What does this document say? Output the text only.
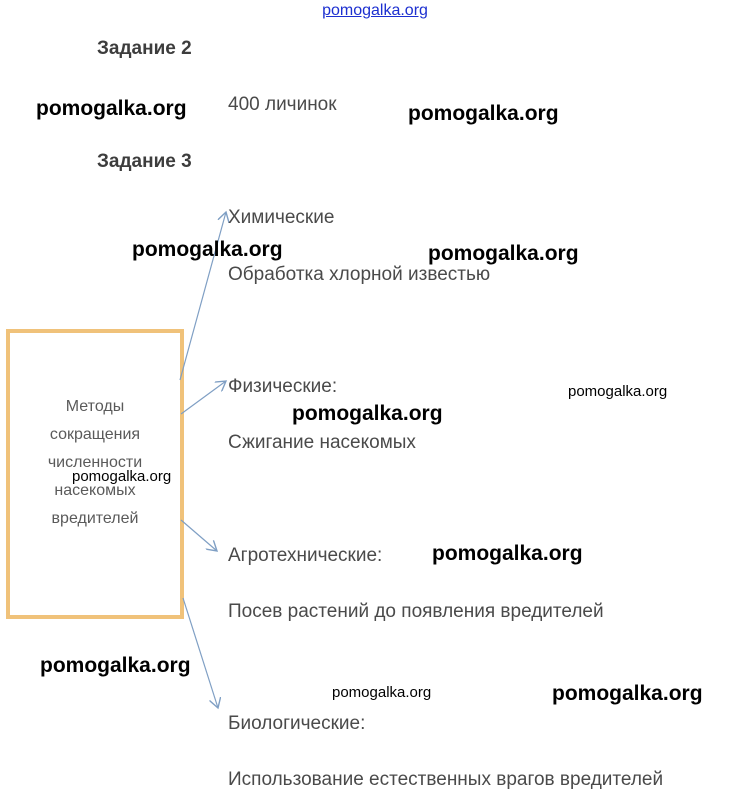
pomogalka.org
Задание 2
400 личинок
Задание 3
Методы
сокращения
численности
насекомых
вредителей
Химические
Обработка хлорной известью
Физические:
Сжигание насекомых
Агротехнические:
Посев растений до появления вредителей
Биологические:
Использование естественных врагов вредителей
pomogalka.org	pomogalka.org
pomogalka.org	pomogalka.org
pomogalka.org
pomogalka.org
pomogalka.org
pomogalka.org
pomogalka.org
pomogalka.org	pomogalka.org
